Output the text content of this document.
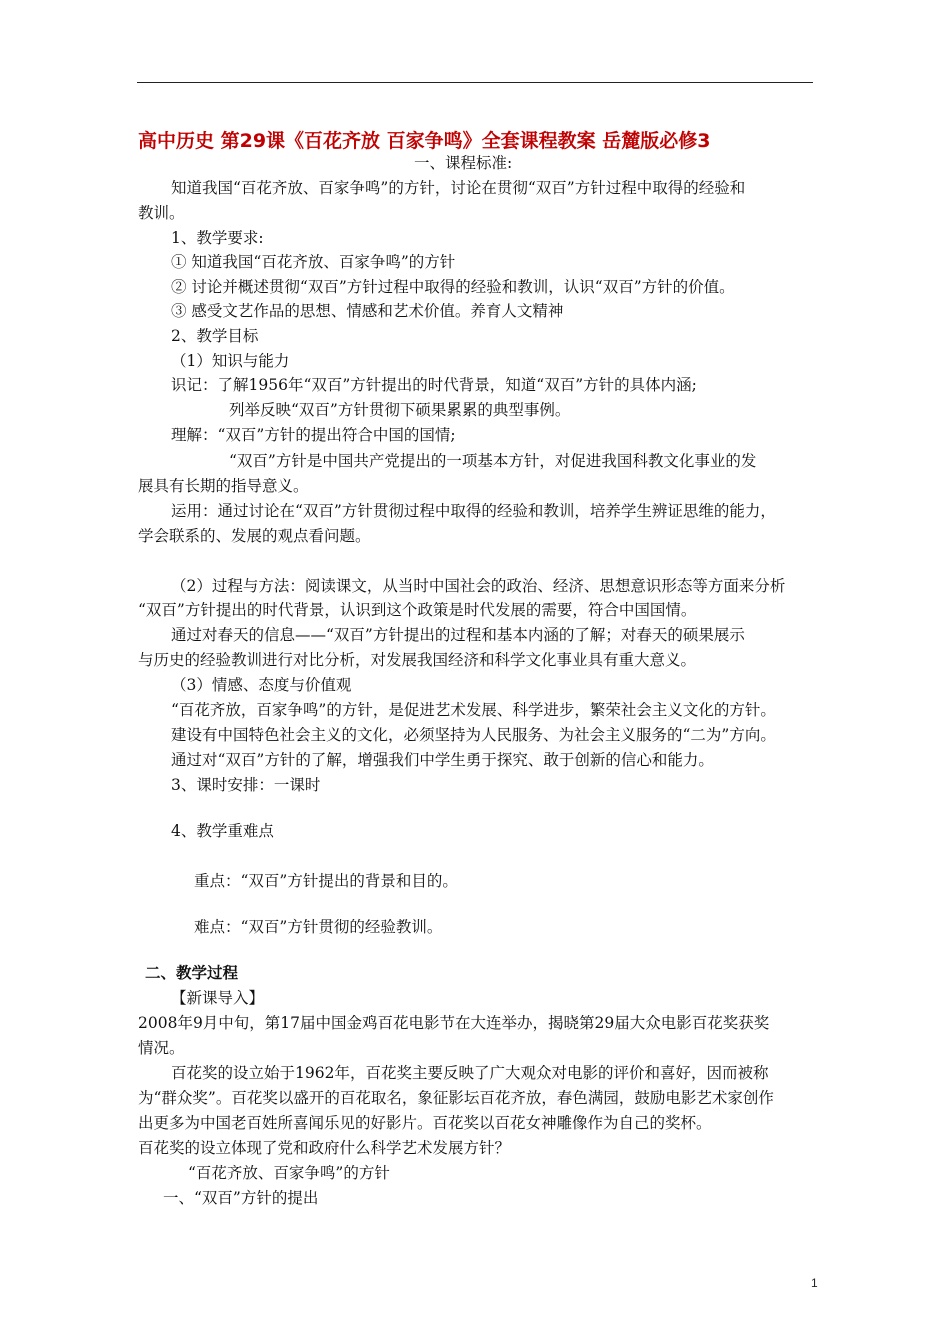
高中历史 第29课《百花齐放 百家争鸣》全套课程教案 岳麓版必修3
一、课程标准:
知道我国“百花齐放、百家争鸣”的方针，讨论在贯彻“双百”方针过程中取得的经验和
教训。
1、教学要求:
① 知道我国“百花齐放、百家争鸣”的方针
② 讨论并概述贯彻“双百”方针过程中取得的经验和教训，认识“双百”方针的价值。
③ 感受文艺作品的思想、情感和艺术价值。养育人文精神
2、教学目标
（1）知识与能力
识记：了解1956年“双百”方针提出的时代背景，知道“双百”方针的具体内涵;
列举反映“双百”方针贯彻下硕果累累的典型事例。
理解：“双百”方针的提出符合中国的国情;
“双百”方针是中国共产党提出的一项基本方针，对促进我国科教文化事业的发
展具有长期的指导意义。
运用：通过讨论在“双百”方针贯彻过程中取得的经验和教训，培养学生辨证思维的能力，
学会联系的、发展的观点看问题。
（2）过程与方法：阅读课文，从当时中国社会的政治、经济、思想意识形态等方面来分析
“双百”方针提出的时代背景，认识到这个政策是时代发展的需要，符合中国国情。
通过对春天的信息——“双百”方针提出的过程和基本内涵的了解；对春天的硕果展示
与历史的经验教训进行对比分析，对发展我国经济和科学文化事业具有重大意义。
（3）情感、态度与价值观
“百花齐放，百家争鸣”的方针，是促进艺术发展、科学进步，繁荣社会主义文化的方针。
建设有中国特色社会主义的文化，必须坚持为人民服务、为社会主义服务的“二为”方向。
通过对“双百”方针的了解，增强我们中学生勇于探究、敢于创新的信心和能力。
3、课时安排：一课时
4、教学重难点
重点：“双百”方针提出的背景和目的。
难点：“双百”方针贯彻的经验教训。
二、教学过程
【新课导入】
2008年9月中旬，第17届中国金鸡百花电影节在大连举办，揭晓第29届大众电影百花奖获奖
情况。
百花奖的设立始于1962年，百花奖主要反映了广大观众对电影的评价和喜好，因而被称
为“群众奖”。百花奖以盛开的百花取名，象征影坛百花齐放，春色满园，鼓励电影艺术家创作
出更多为中国老百姓所喜闻乐见的好影片。百花奖以百花女神雕像作为自己的奖杯。
百花奖的设立体现了党和政府什么科学艺术发展方针？
“百花齐放、百家争鸣”的方针
一、“双百”方针的提出
1
